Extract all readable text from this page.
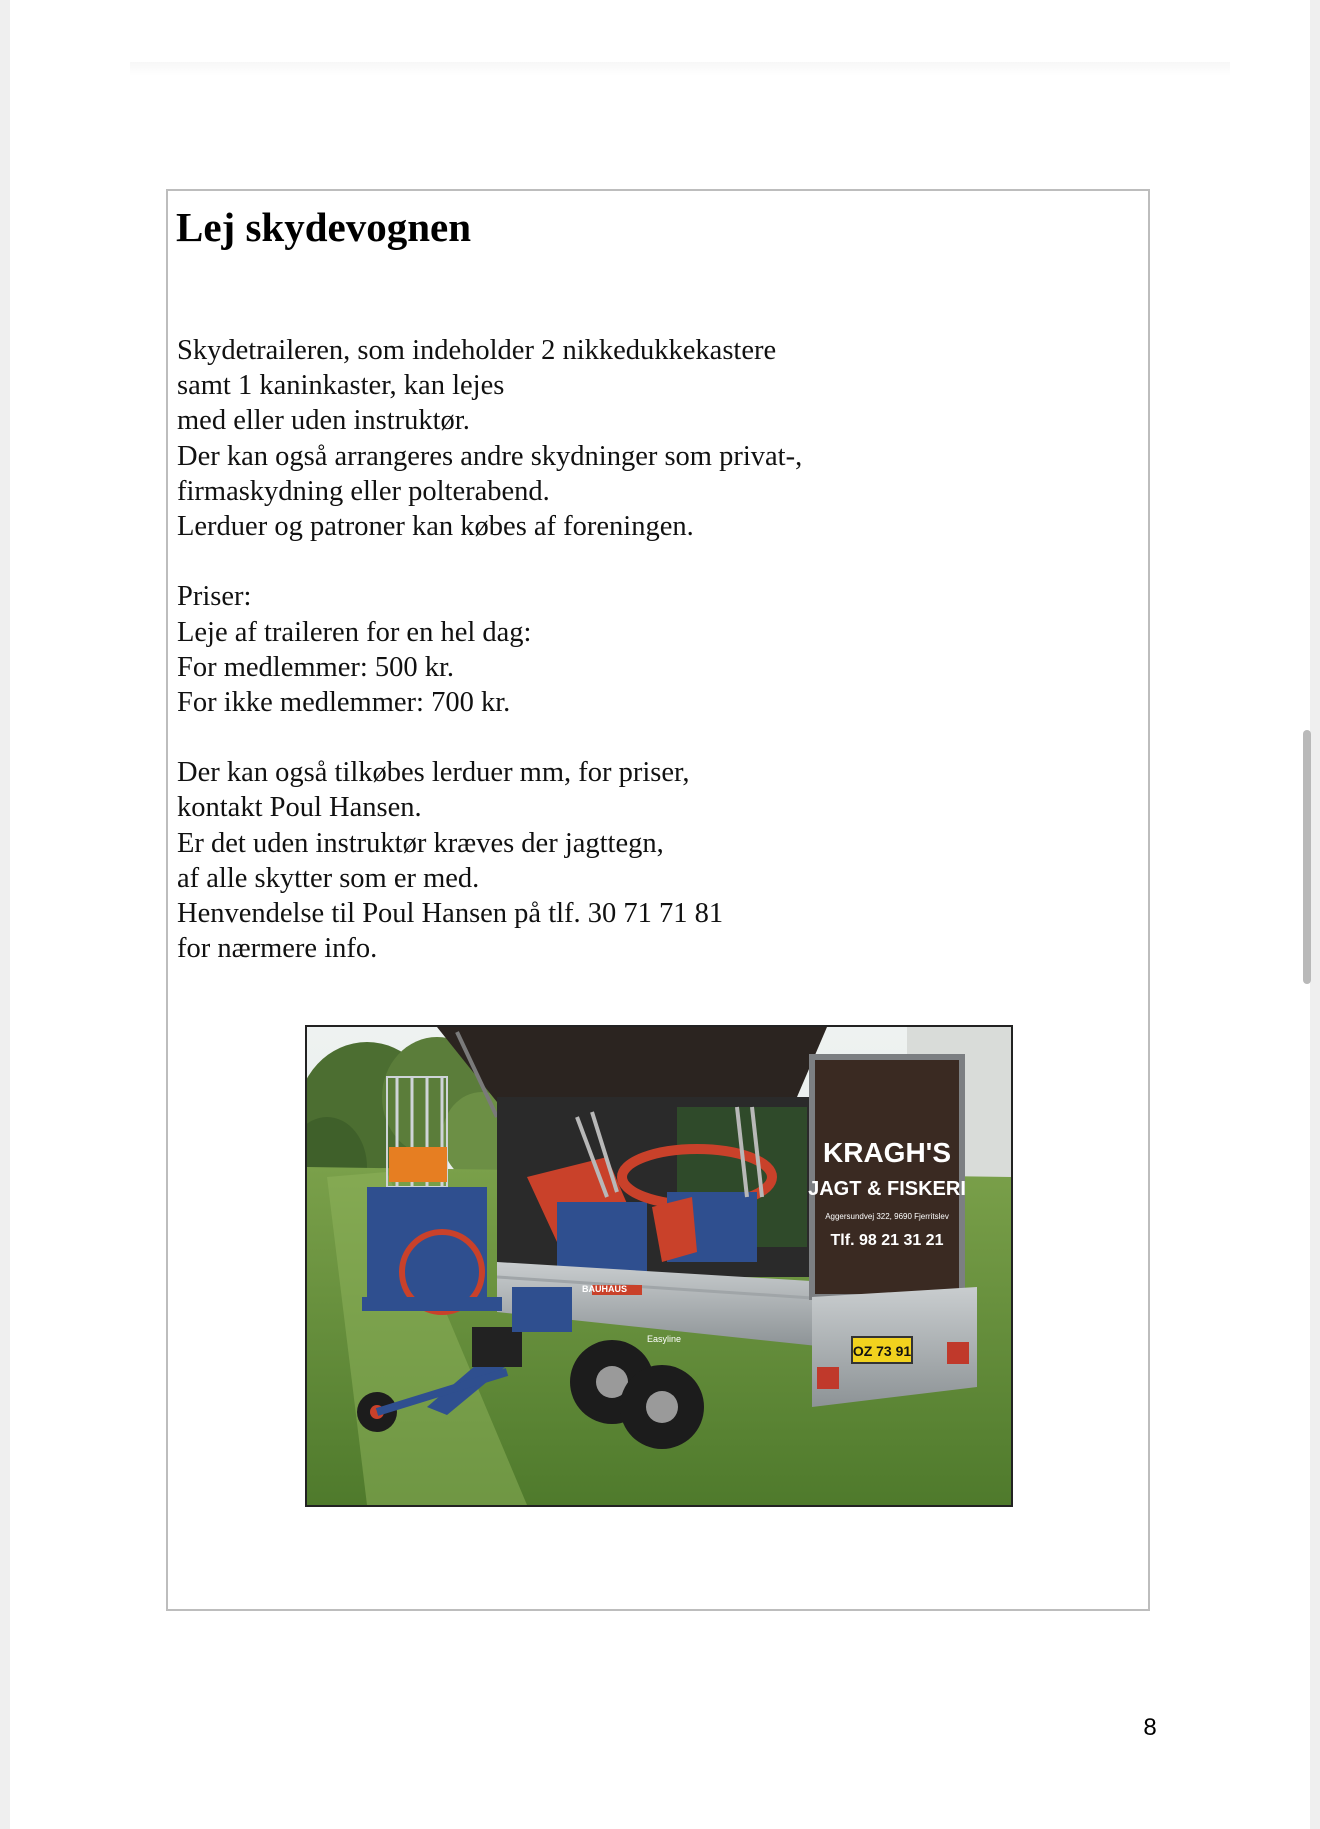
Lej skydevognen
Skydetraileren, som indeholder 2 nikkedukkekastere
samt 1 kaninkaster, kan lejes
med eller uden instruktør.
Der kan også arrangeres andre skydninger som privat-,
firmaskydning eller polterabend.
Lerduer og patroner kan købes af foreningen.
Priser:
Leje af traileren for en hel dag:
For medlemmer: 500 kr.
For ikke medlemmer: 700 kr.
Der kan også tilkøbes lerduer mm, for priser,
kontakt Poul Hansen.
Er det uden instruktør kræves der jagttegn,
af alle skytter som er med.
Henvendelse til Poul Hansen på tlf. 30 71 71 81
for nærmere info.
KRAGH'S
JAGT & FISKERI
Aggersundvej 322, 9690 Fjerritslev
Tlf. 98 21 31 21
OZ 73 91
BAUHAUS
Easyline
8
